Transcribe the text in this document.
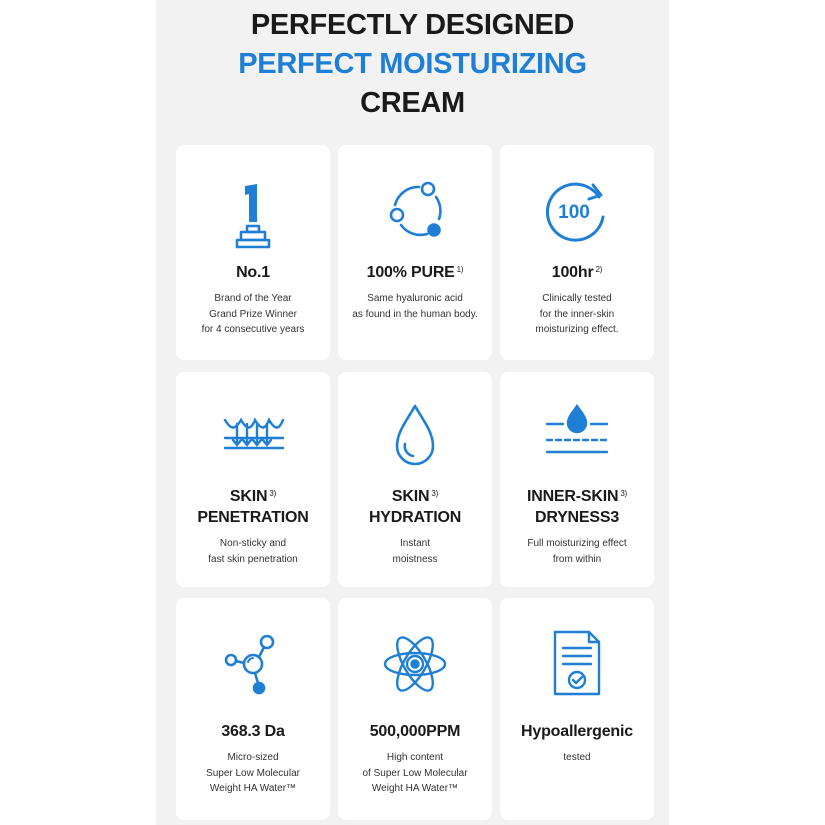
PERFECTLY DESIGNED
PERFECT MOISTURIZING
CREAM
No.1
Brand of the Year
Grand Prize Winner
for 4 consecutive years
100% PURE $^{1)}$
Same hyaluronic acid
as found in the human body.
100
100hr $^{2)}$
Clinically tested
for the inner-skin
moisturizing effect.
SKIN $^{3)}$
PENETRATION
Non-sticky and
fast skin penetration
SKIN $^{3)}$
HYDRATION
Instant
moistness
INNER-SKIN $^{3)}$
DRYNESS3
Full moisturizing effect
from within
368.3 Da
Micro-sized
Super Low Molecular
Weight HA Water™
500,000PPM
High content
of Super Low Molecular
Weight HA Water™
Hypoallergenic
tested
